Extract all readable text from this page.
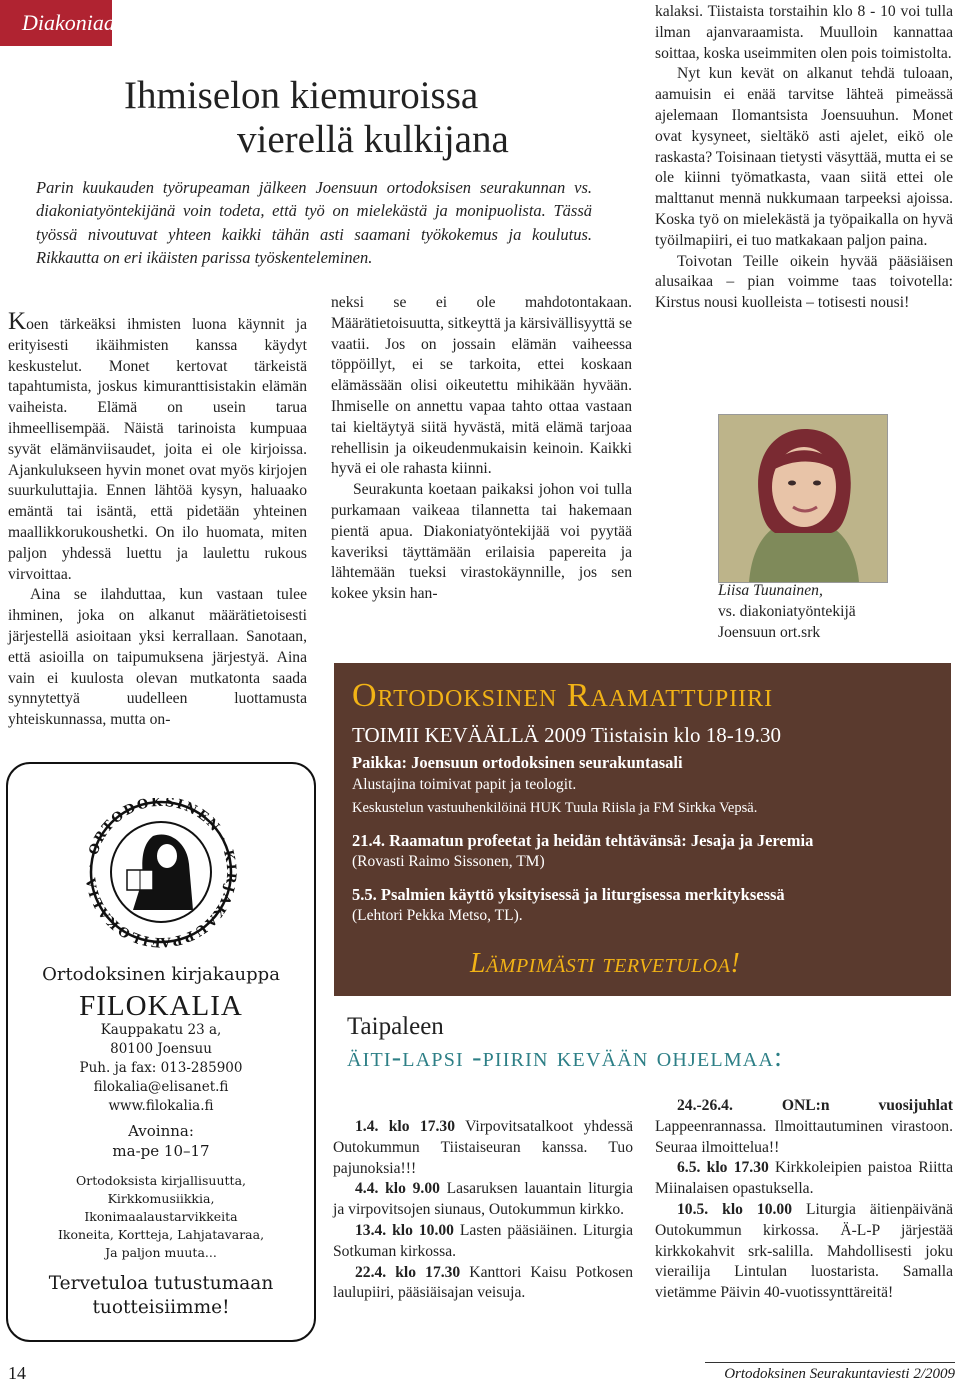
Diakoniaa
Ihmiselon kiemuroissa
vierellä kulkijana
Parin kuukauden työrupeaman jälkeen Joensuun ortodoksisen seurakunnan vs. diakoniatyöntekijänä voin todeta, että työ on mielekästä ja monipuolista. Tässä työssä nivoutuvat yhteen kaikki tähän asti saamani työkokemus ja koulutus. Rikkautta on eri ikäisten parissa työskenteleminen.

Koen tärkeäksi ihmisten luona käynnit ja erityisesti ikäihmisten kanssa käydyt keskustelut. Monet kertovat tärkeistä tapahtumista, joskus kimuranttisistakin elämän vaiheista. Elämä on usein tarua ihmeellisempää. Näistä tarinoista kumpuaa syvät elämänviisaudet, joita ei ole kirjoissa. Ajankulukseen hyvin monet ovat myös kirjojen suurkuluttajia. Ennen lähtöä kysyn, haluaako emäntä tai isäntä, että pidetään yhteinen maallikkorukoushetki. On ilo huomata, miten paljon yhdessä luettu ja laulettu rukous virvoittaa.

Aina se ilahduttaa, kun vastaan tulee ihminen, joka on alkanut määrätietoisesti järjestellä asioitaan yksi kerrallaan. Sanotaan, että asioilla on taipumuksena järjestyä. Aina vain ei kuulosta olevan mutkatonta saada synnytettyä uudelleen luottamusta yhteiskunnassa, mutta on-

neksi se ei ole mahdotontakaan. Määrätietoisuutta, sitkeyttä ja kärsivällisyyttä se vaatii. Jos on jossain elämän vaiheessa töppöillyt, ei se tarkoita, ettei koskaan elämässään olisi oikeutettu mihikään hyvään. Ihmiselle on annettu vapaa tahto ottaa vastaan tai kieltäytyä siitä hyvästä, mitä elämä tarjoaa rehellisin ja oikeudenmukaisin keinoin. Kaikki hyvä ei ole rahasta kiinni.

Seurakunta koetaan paikaksi johon voi tulla purkamaan vaikeaa tilannetta tai hakemaan pientä apua. Diakoniatyöntekijää voi pyytää kaveriksi täyttämään erilaisia papereita ja lähtemään tueksi virastokäynnille, jos sen kokee yksin han-

kalaksi. Tiistaista torstaihin klo 8 - 10 voi tulla ilman ajanvaraamista. Muulloin kannattaa soittaa, koska useimmiten olen pois toimistolta.

Nyt kun kevät on alkanut tehdä tuloaan, aamuisin ei enää tarvitse lähteä pimeässä ajelemaan Ilomantsista Joensuuhun. Monet ovat kysyneet, sieltäkö asti ajelet, eikö ole raskasta? Toisinaan tietysti väsyttää, mutta ei se ole kiinni työmatkasta, vaan siitä ettei ole malttanut mennä nukkumaan tarpeeksi ajoissa. Koska työ on mielekästä ja työpaikalla on hyvä työilmapiiri, ei tuo matkakaan paljon paina.

Toivotan Teille oikein hyvää pääsiäisen alusaikaa – pian voimme taas toivotella: Kirstus nousi kuolleista – totisesti nousi!

Liisa Tuunainen,
vs. diakoniatyöntekijä
Joensuun ort.srk
Ortodoksinen Raamattupiiri
TOIMII KEVÄÄLLÄ 2009 Tiistaisin klo 18-19.30
Paikka: Joensuun ortodoksinen seurakuntasali
Alustajina toimivat papit ja teologit.
Keskustelun vastuuhenkilöinä HUK Tuula Riisla ja FM Sirkka Vepsä.
21.4. Raamatun profeetat ja heidän tehtävänsä: Jesaja ja Jeremia
(Rovasti Raimo Sissonen, TM)
5.5. Psalmien käyttö yksityisessä ja liturgisessa merkityksessä
(Lehtori Pekka Metso, TL).
Lämpimästi tervetuloa!
Taipaleen
äiti-lapsi -piirin kevään ohjelmaa:

1.4. klo 17.30 Virpovitsatalkoot yhdessä Outokummun Tiistaiseuran kanssa. Tuo pajunoksia!!!

4.4. klo 9.00 Lasaruksen lauantain liturgia ja virpovitsojen siunaus, Outokummun kirkko.

13.4. klo 10.00 Lasten pääsiäinen. Liturgia Sotkuman kirkossa.

22.4. klo 17.30 Kanttori Kaisu Potkosen laulupiiri, pääsiäisajan veisuja.

24.-26.4. ONL:n vuosijuhlat Lappeenrannassa. Ilmoittautuminen virastoon. Seuraa ilmoittelua!!

6.5. klo 17.30 Kirkkoleipien paistoa Riitta Miinalaisen opastuksella.

10.5. klo 10.00 Liturgia äitienpäivänä Outokummun kirkossa. Ä-L-P järjestää kirkkokahvit srk-salilla. Mahdollisesti joku vierailija Lintulan luostarista. Samalla vietämme Päivin 40-vuotissynttäreitä!

FILOKALIA · ORTODOKSINEN · KIRJAKAUPPA
Ortodoksinen kirjakauppa
FILOKALIA
Kauppakatu 23 a,
80100 Joensuu
Puh. ja fax: 013-285900
filokalia@elisanet.fi
www.filokalia.fi
Avoinna:
ma-pe 10–17
Ortodoksista kirjallisuutta,
Kirkkomusiikkia,
Ikonimaalaustarvikkeita
Ikoneita, Kortteja, Lahjatavaraa,
Ja paljon muuta...
Tervetuloa tutustumaan tuotteisiimme!
14	Ortodoksinen Seurakuntaviesti 2/2009
